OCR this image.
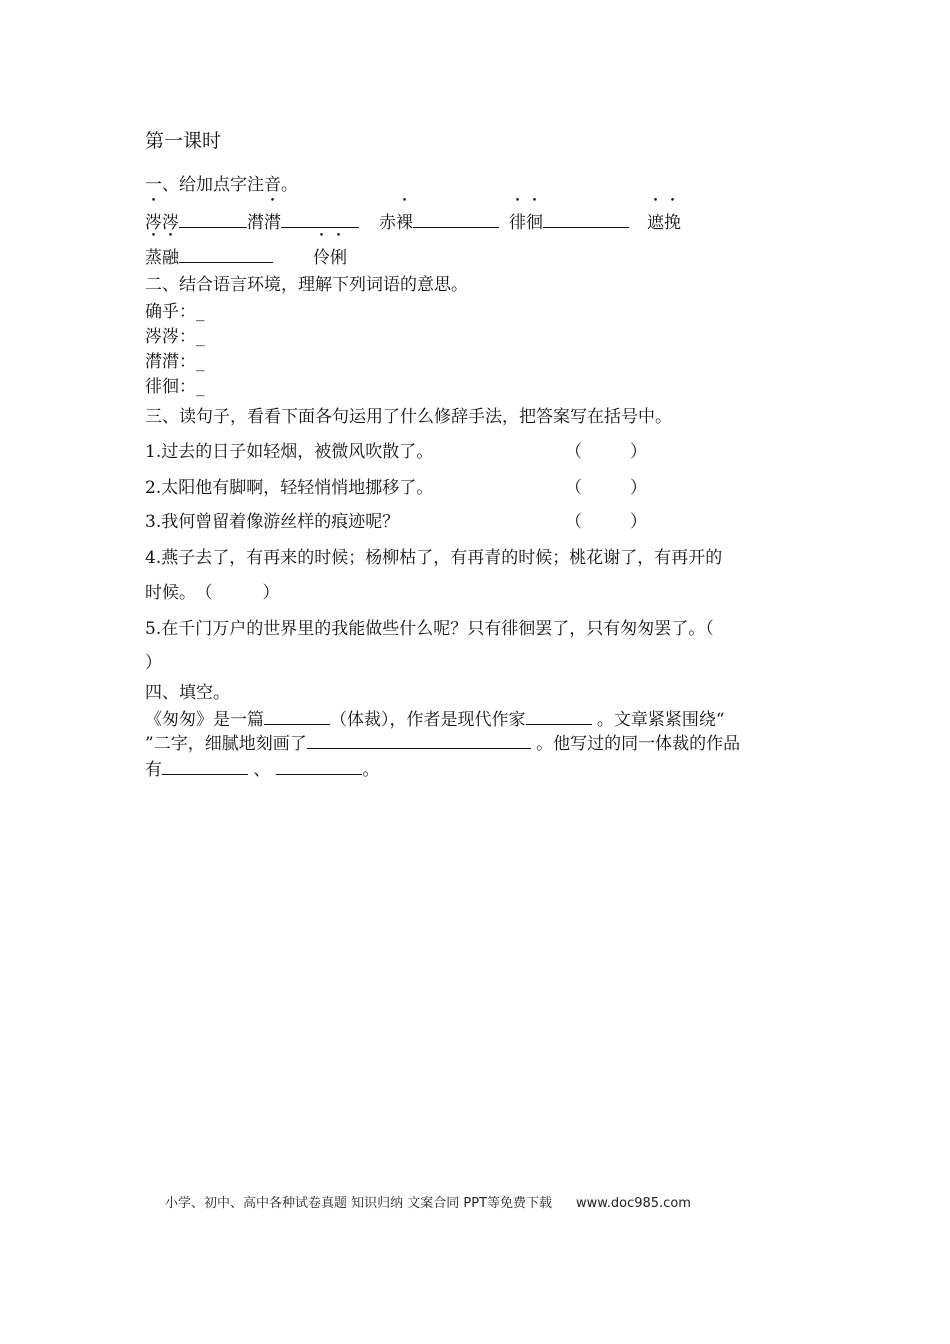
第一课时
一、给加点字注音。
涔涔	潸潸	赤裸	徘徊	遮挽
蒸融	伶俐
二、结合语言环境，理解下列词语的意思。
确乎：_
涔涔：_
潸潸：_
徘徊：_
三、读句子，看看下面各句运用了什么修辞手法，把答案写在括号中。
1.过去的日子如轻烟，被微风吹散了。	（	）
2.太阳他有脚啊，轻轻悄悄地挪移了。	（	）
3.我何曾留着像游丝样的痕迹呢？	（	）
4.燕子去了，有再来的时候；杨柳枯了，有再青的时候；桃花谢了，有再开的
时候。 （	）
5.在千门万户的世界里的我能做些什么呢？只有徘徊罢了，只有匆匆罢了。（
）
四、填空。
《匆匆》是一篇	（体裁），作者是现代作家	。文章紧紧围绕“
”二字，细腻地刻画了	。他写过的同一体裁的作品
有	、	。
小学、初中、高中各种试卷真题 知识归纳 文案合同 PPT等免费下载 www.doc985.com
